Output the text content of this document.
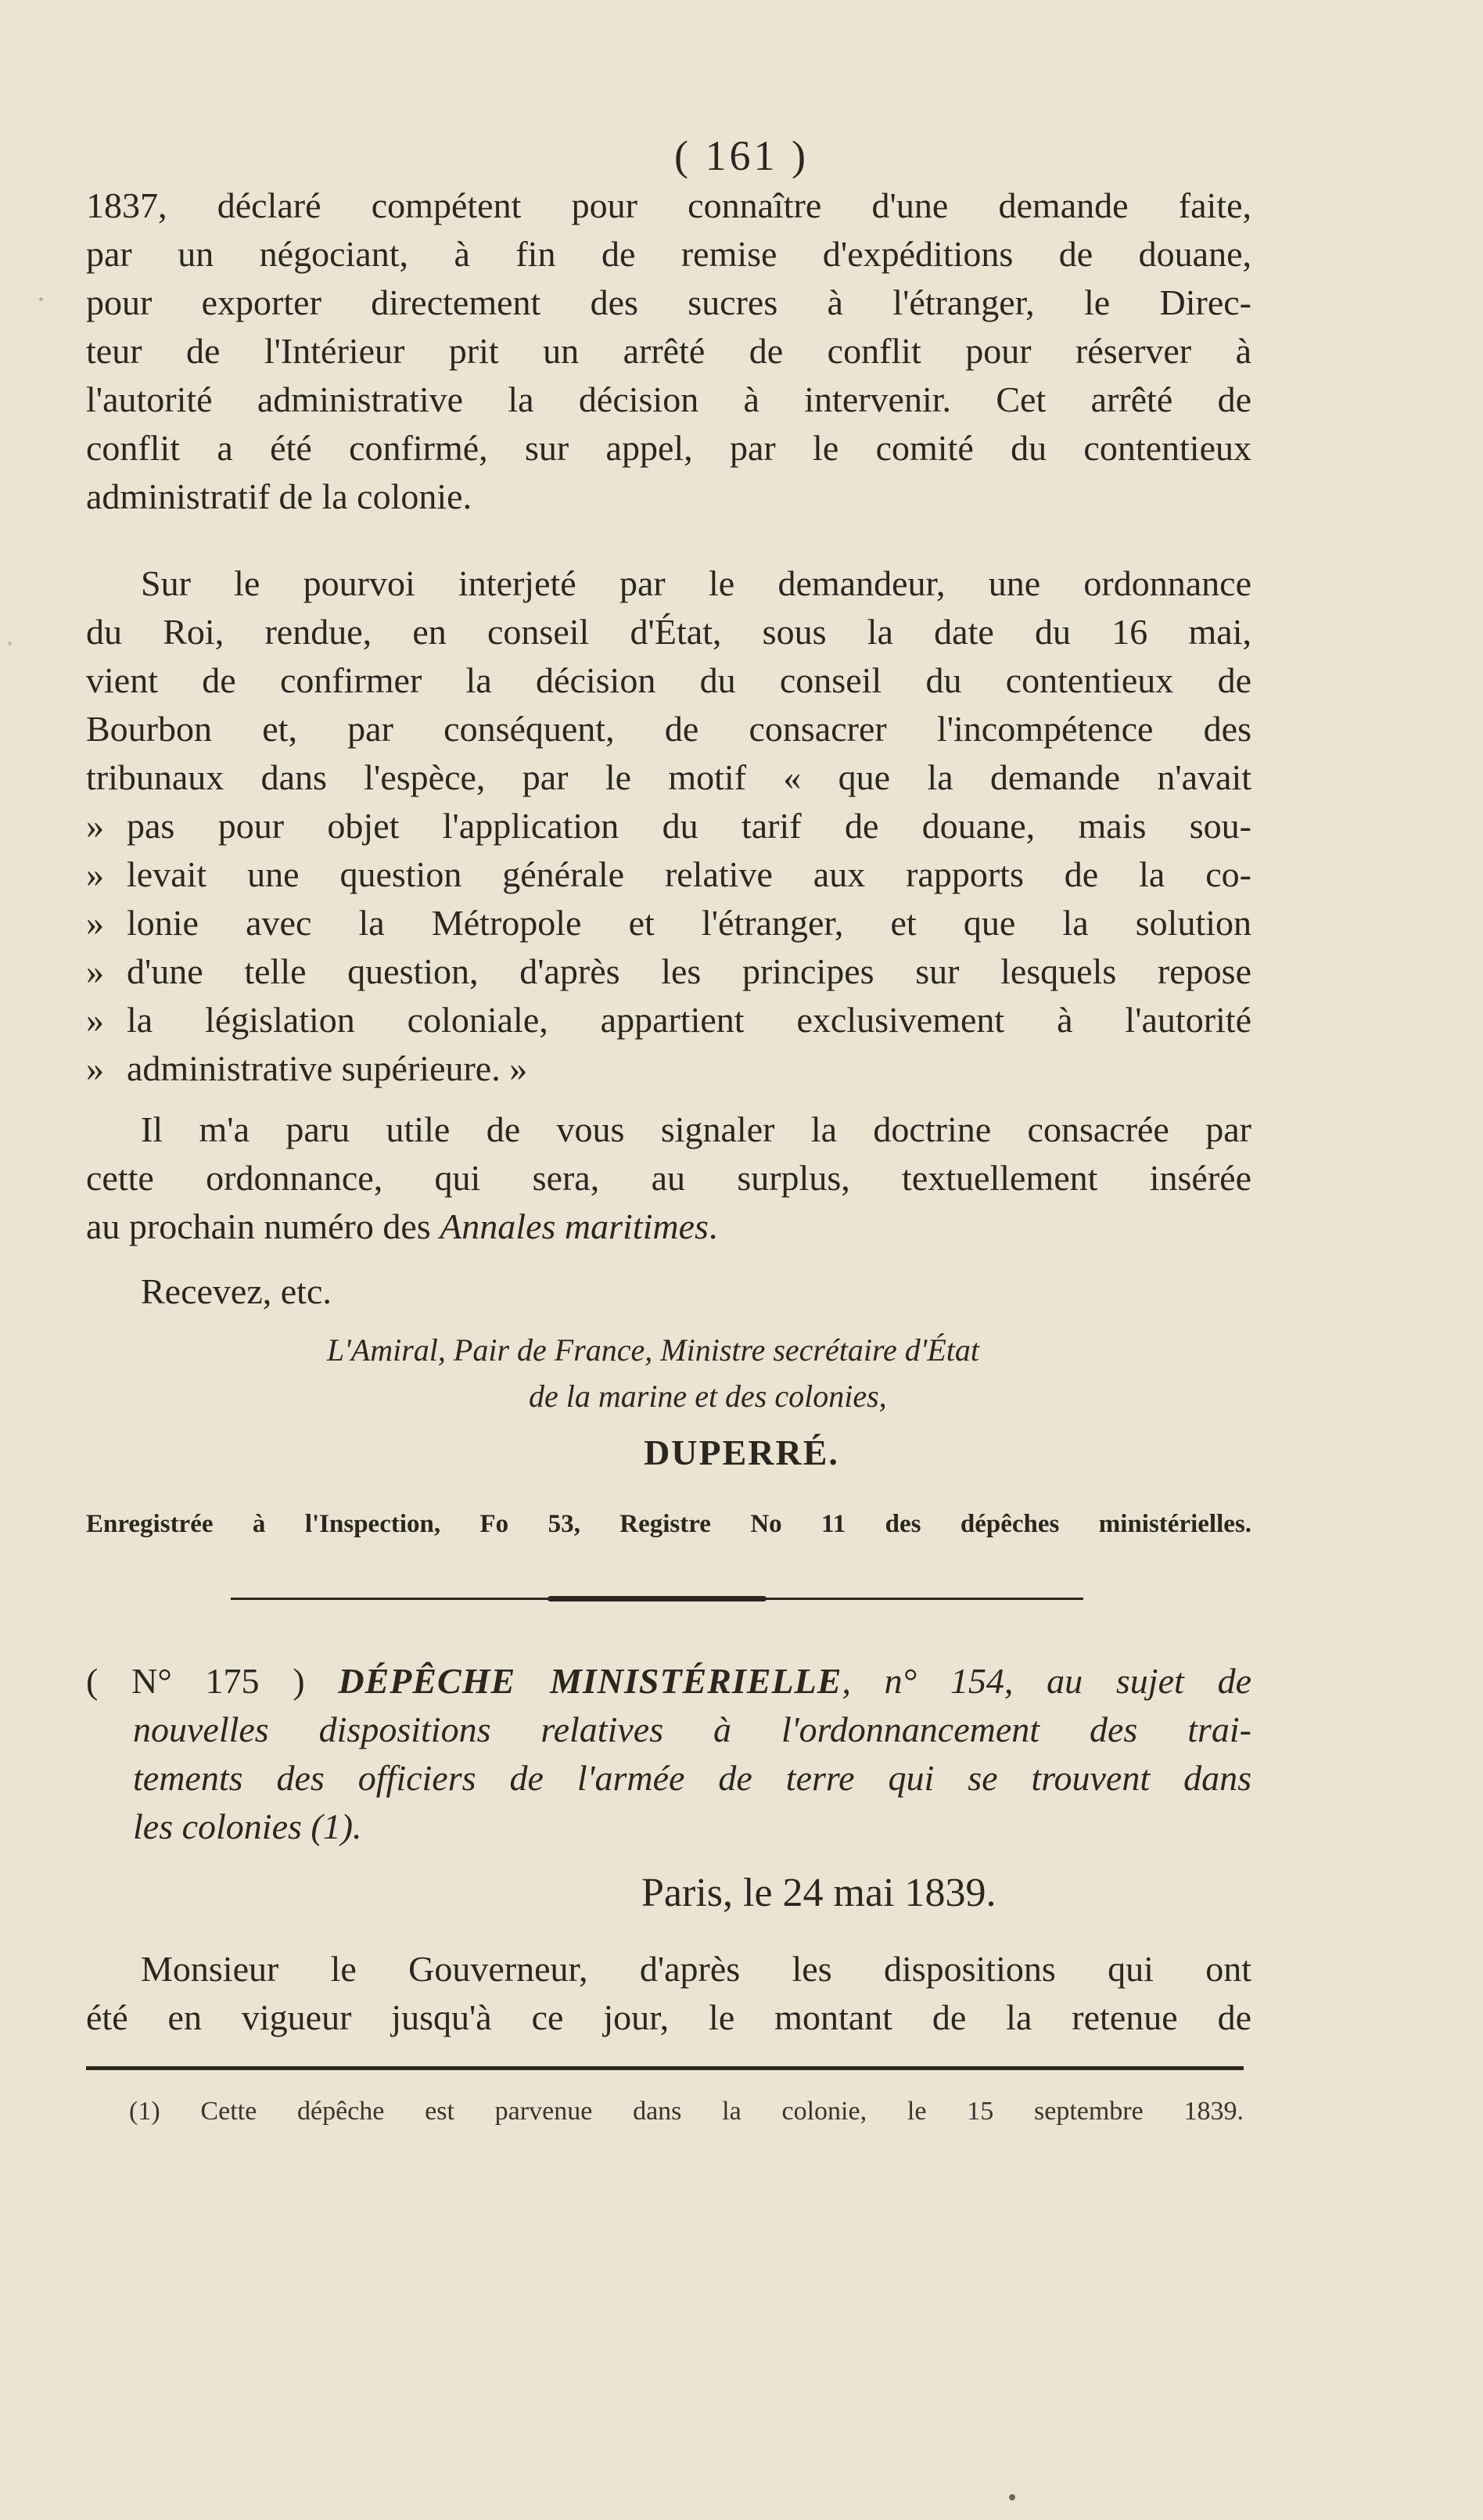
( 161 )
1837, déclaré compétent pour connaître d'une demande faite,
par un négociant, à fin de remise d'expéditions de douane,
pour exporter directement des sucres à l'étranger, le Direc-
teur de l'Intérieur prit un arrêté de conflit pour réserver à
l'autorité administrative la décision à intervenir. Cet arrêté de
conflit a été confirmé, sur appel, par le comité du contentieux
administratif de la colonie.
Sur le pourvoi interjeté par le demandeur, une ordonnance
du Roi, rendue, en conseil d'État, sous la date du 16 mai,
vient de confirmer la décision du conseil du contentieux de
Bourbon et, par conséquent, de consacrer l'incompétence des
tribunaux dans l'espèce, par le motif « que la demande n'avait
» pas pour objet l'application du tarif de douane, mais sou-
» levait une question générale relative aux rapports de la co-
» lonie avec la Métropole et l'étranger, et que la solution
» d'une telle question, d'après les principes sur lesquels repose
» la législation coloniale, appartient exclusivement à l'autorité
» administrative supérieure. »
Il m'a paru utile de vous signaler la doctrine consacrée par
cette ordonnance, qui sera, au surplus, textuellement insérée
au prochain numéro des Annales maritimes.
Recevez, etc.
L'Amiral, Pair de France, Ministre secrétaire d'État
de la marine et des colonies,
DUPERRÉ.
Enregistrée à l'Inspection, Fo 53, Registre No 11 des dépêches ministérielles.
( N° 175 ) DÉPÊCHE MINISTÉRIELLE, n° 154, au sujet de
nouvelles dispositions relatives à l'ordonnancement des trai-
tements des officiers de l'armée de terre qui se trouvent dans
les colonies (1).
Paris, le 24 mai 1839.
Monsieur le Gouverneur, d'après les dispositions qui ont
été en vigueur jusqu'à ce jour, le montant de la retenue de
(1) Cette dépêche est parvenue dans la colonie, le 15 septembre 1839.
